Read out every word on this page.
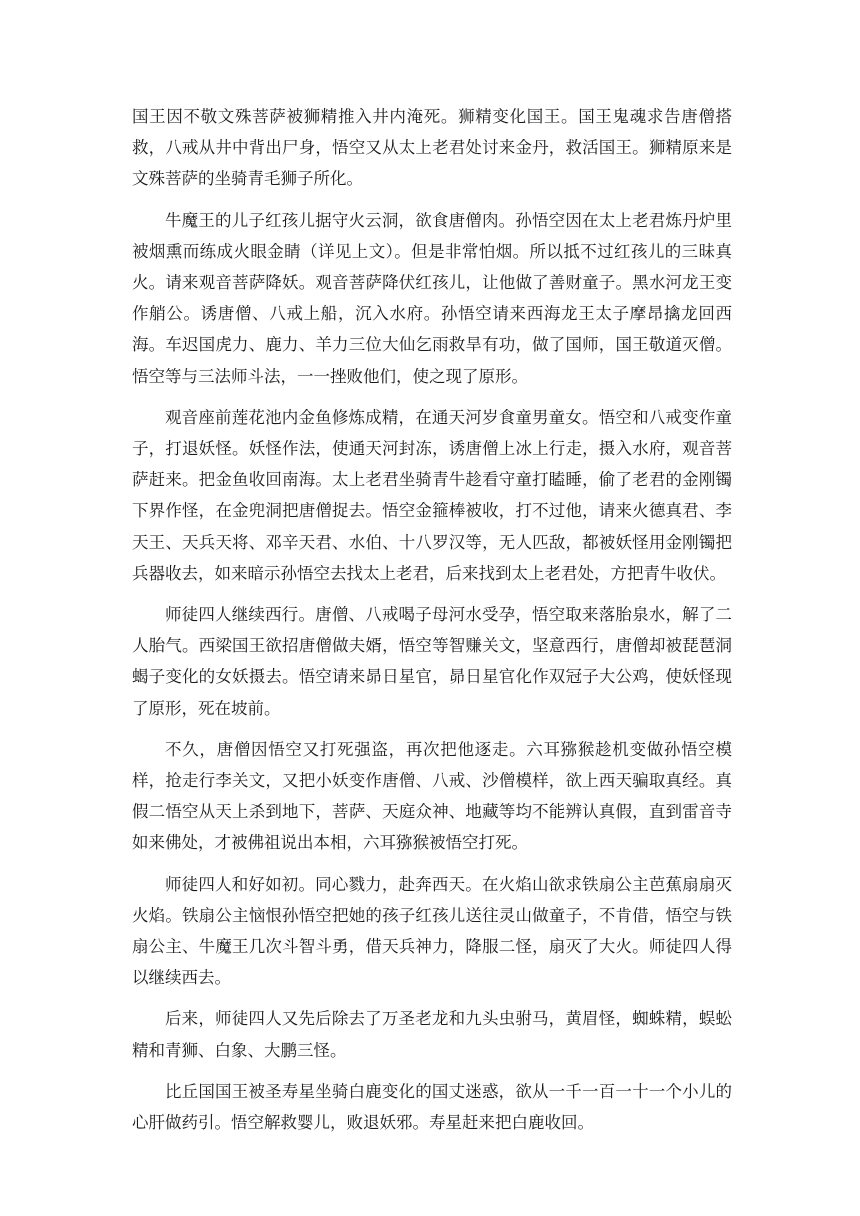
国王因不敬文殊菩萨被狮精推入井内淹死。狮精变化国王。国王鬼魂求告唐僧搭救，八戒从井中背出尸身，悟空又从太上老君处讨来金丹，救活国王。狮精原来是文殊菩萨的坐骑青毛狮子所化。

牛魔王的儿子红孩儿据守火云洞，欲食唐僧肉。孙悟空因在太上老君炼丹炉里被烟熏而练成火眼金睛（详见上文）。但是非常怕烟。所以抵不过红孩儿的三昧真火。请来观音菩萨降妖。观音菩萨降伏红孩儿，让他做了善财童子。黑水河龙王变作艄公。诱唐僧、八戒上船，沉入水府。孙悟空请来西海龙王太子摩昂擒龙回西海。车迟国虎力、鹿力、羊力三位大仙乞雨救旱有功，做了国师，国王敬道灭僧。悟空等与三法师斗法，一一挫败他们，使之现了原形。

观音座前莲花池内金鱼修炼成精，在通天河岁食童男童女。悟空和八戒变作童子，打退妖怪。妖怪作法，使通天河封冻，诱唐僧上冰上行走，摄入水府，观音菩萨赶来。把金鱼收回南海。太上老君坐骑青牛趁看守童打瞌睡，偷了老君的金刚镯下界作怪，在金兜洞把唐僧捉去。悟空金箍棒被收，打不过他，请来火德真君、李天王、天兵天将、邓辛天君、水伯、十八罗汉等，无人匹敌，都被妖怪用金刚镯把兵器收去，如来暗示孙悟空去找太上老君，后来找到太上老君处，方把青牛收伏。

师徒四人继续西行。唐僧、八戒喝子母河水受孕，悟空取来落胎泉水，解了二人胎气。西梁国王欲招唐僧做夫婿，悟空等智赚关文，坚意西行，唐僧却被琵琶洞蝎子变化的女妖摄去。悟空请来昴日星官，昴日星官化作双冠子大公鸡，使妖怪现了原形，死在坡前。

不久，唐僧因悟空又打死强盗，再次把他逐走。六耳猕猴趁机变做孙悟空模样，抢走行李关文，又把小妖变作唐僧、八戒、沙僧模样，欲上西天骗取真经。真假二悟空从天上杀到地下，菩萨、天庭众神、地藏等均不能辨认真假，直到雷音寺如来佛处，才被佛祖说出本相，六耳猕猴被悟空打死。

师徒四人和好如初。同心戮力，赴奔西天。在火焰山欲求铁扇公主芭蕉扇扇灭火焰。铁扇公主恼恨孙悟空把她的孩子红孩儿送往灵山做童子，不肯借，悟空与铁扇公主、牛魔王几次斗智斗勇，借天兵神力，降服二怪，扇灭了大火。师徒四人得以继续西去。

后来，师徒四人又先后除去了万圣老龙和九头虫驸马，黄眉怪，蜘蛛精，蜈蚣精和青狮、白象、大鹏三怪。

比丘国国王被圣寿星坐骑白鹿变化的国丈迷惑，欲从一千一百一十一个小儿的心肝做药引。悟空解救婴儿，败退妖邪。寿星赶来把白鹿收回。
